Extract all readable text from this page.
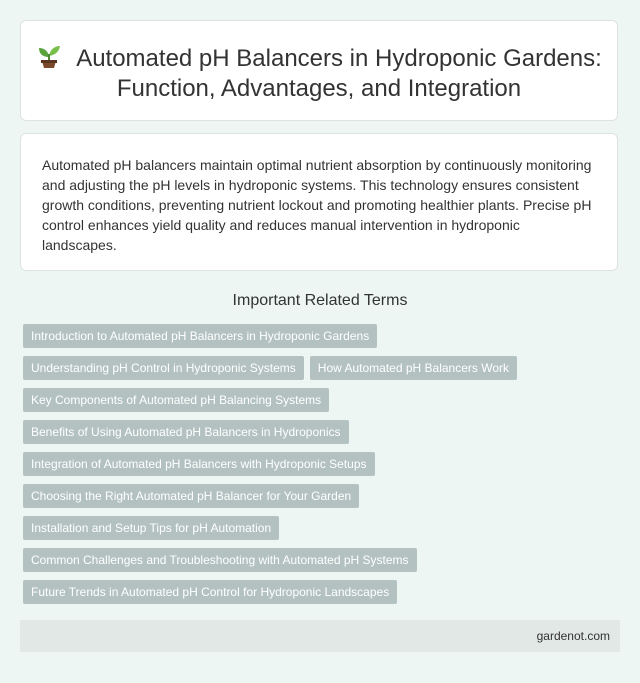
Automated pH Balancers in Hydroponic Gardens: Function, Advantages, and Integration

Automated pH balancers maintain optimal nutrient absorption by continuously monitoring and adjusting the pH levels in hydroponic systems. This technology ensures consistent growth conditions, preventing nutrient lockout and promoting healthier plants. Precise pH control enhances yield quality and reduces manual intervention in hydroponic landscapes.

Important Related Terms
Introduction to Automated pH Balancers in Hydroponic Gardens
Understanding pH Control in Hydroponic Systems How Automated pH Balancers Work
Key Components of Automated pH Balancing Systems
Benefits of Using Automated pH Balancers in Hydroponics
Integration of Automated pH Balancers with Hydroponic Setups
Choosing the Right Automated pH Balancer for Your Garden
Installation and Setup Tips for pH Automation
Common Challenges and Troubleshooting with Automated pH Systems
Future Trends in Automated pH Control for Hydroponic Landscapes
gardenot.com
